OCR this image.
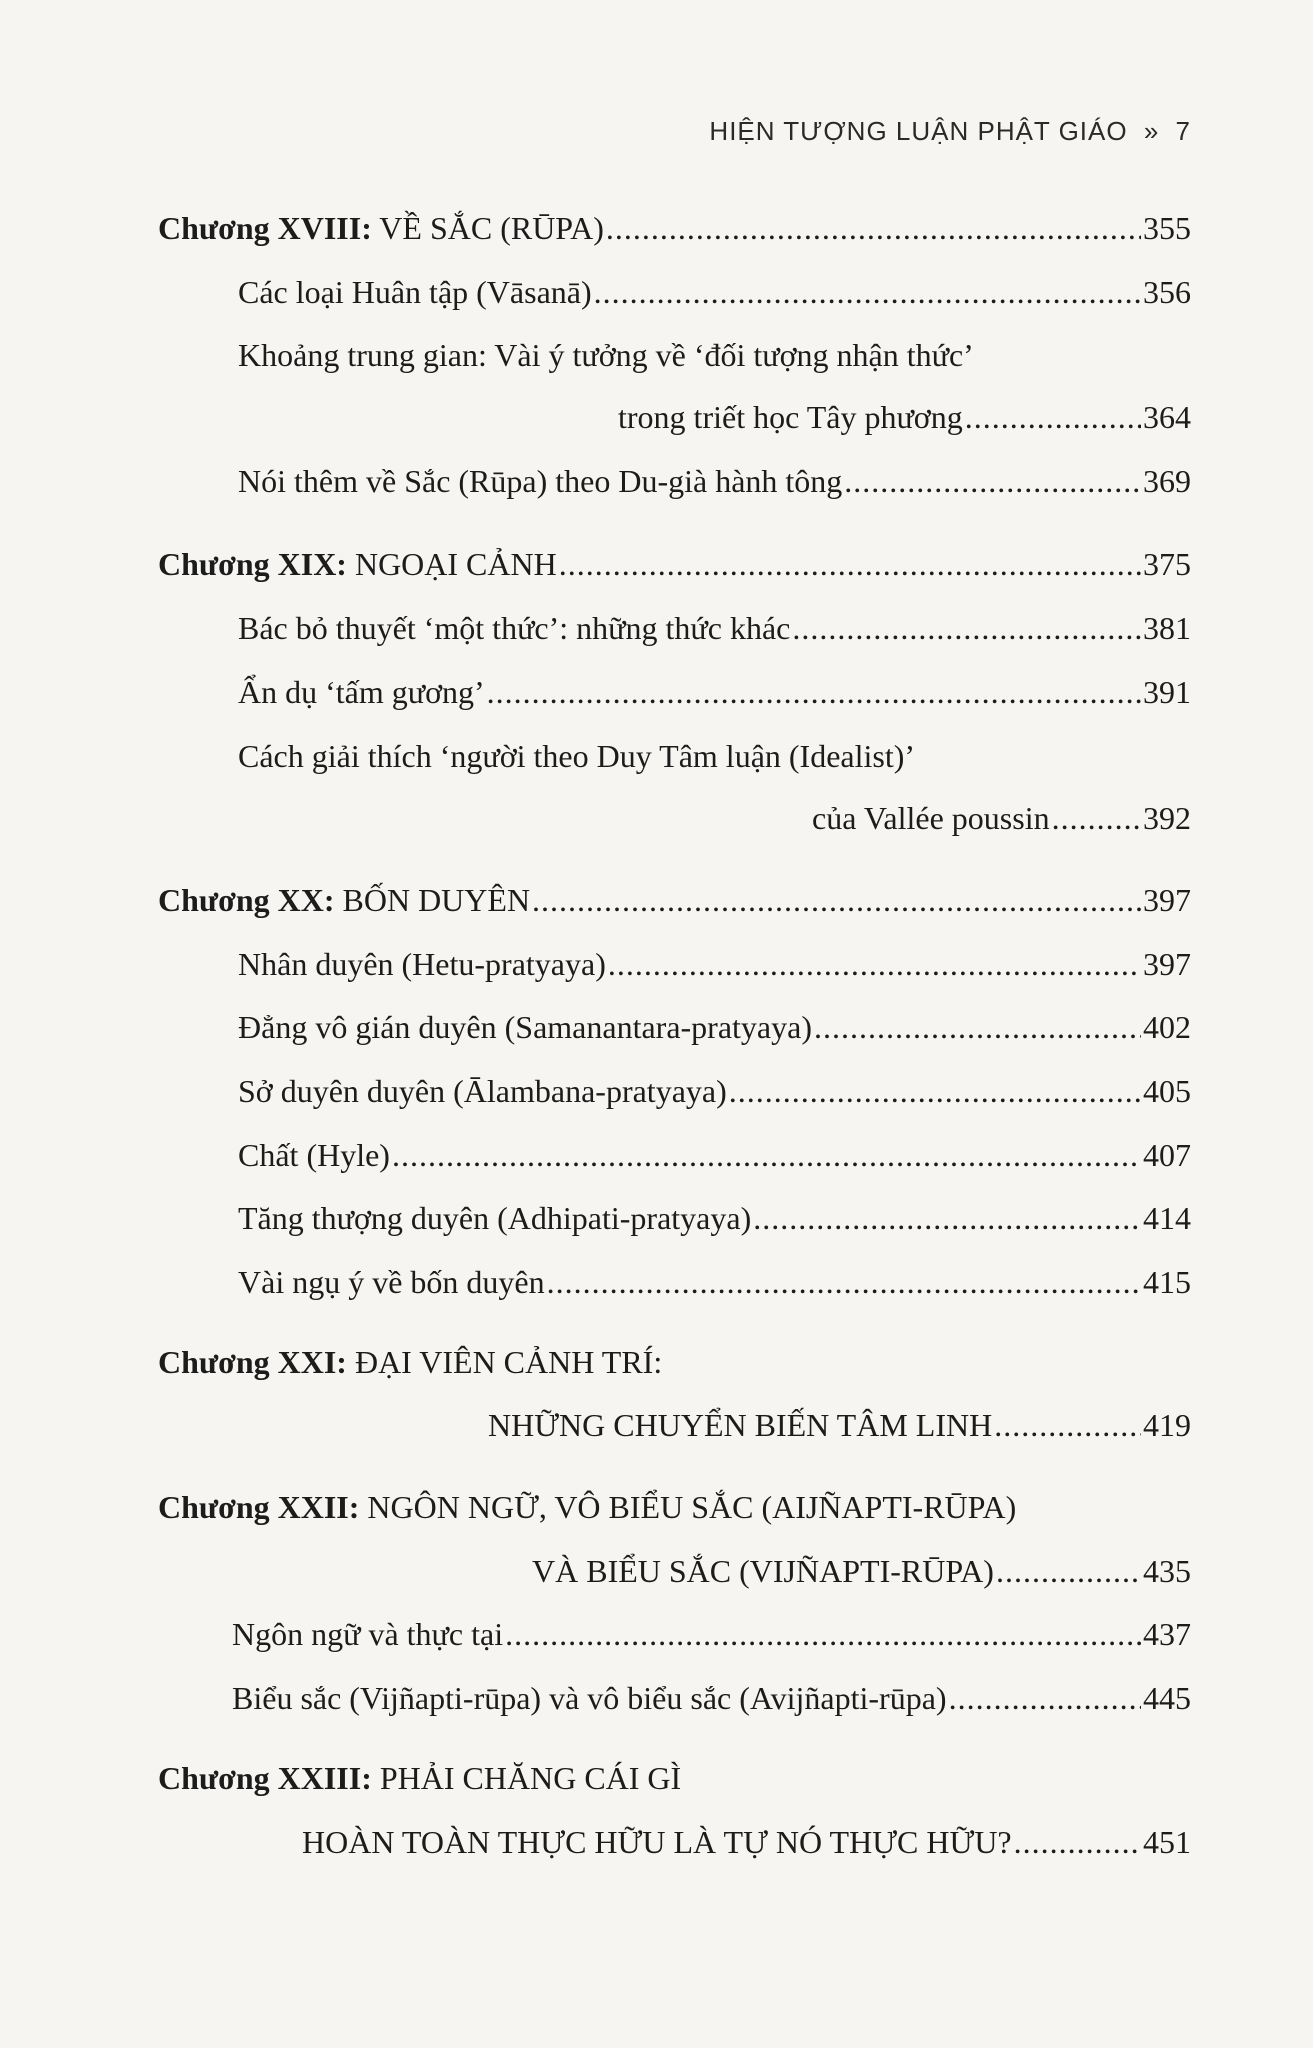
HIỆN TƯỢNG LUẬN PHẬT GIÁO » 7
Chương XVIII: VỀ SẮC (RŪPA) .....	355
Các loại Huân tập (Vāsanā) .....	356
Khoảng trung gian: Vài ý tưởng về ‘đối tượng nhận thức’
trong triết học Tây phương .....	364
Nói thêm về Sắc (Rūpa) theo Du-già hành tông .....	369
Chương XIX: NGOẠI CẢNH .....	375
Bác bỏ thuyết ‘một thức’: những thức khác .....	381
Ẩn dụ ‘tấm gương’ .....	391
Cách giải thích ‘người theo Duy Tâm luận (Idealist)’
của Vallée poussin .....	392
Chương XX: BỐN DUYÊN .....	397
Nhân duyên (Hetu-pratyaya) .....	397
Đẳng vô gián duyên (Samanantara-pratyaya) .....	402
Sở duyên duyên (Ālambana-pratyaya) .....	405
Chất (Hyle) .....	407
Tăng thượng duyên (Adhipati-pratyaya) .....	414
Vài ngụ ý về bốn duyên .....	415
Chương XXI: ĐẠI VIÊN CẢNH TRÍ:
NHỮNG CHUYỂN BIẾN TÂM LINH .....	419
Chương XXII: NGÔN NGỮ, VÔ BIỂU SẮC (AIJÑAPTI-RŪPA)
VÀ BIỂU SẮC (VIJÑAPTI-RŪPA) .....	435
Ngôn ngữ và thực tại .....	437
Biểu sắc (Vijñapti-rūpa) và vô biểu sắc (Avijñapti-rūpa) .....	445
Chương XXIII: PHẢI CHĂNG CÁI GÌ
HOÀN TOÀN THỰC HỮU LÀ TỰ NÓ THỰC HỮU? .....	451
